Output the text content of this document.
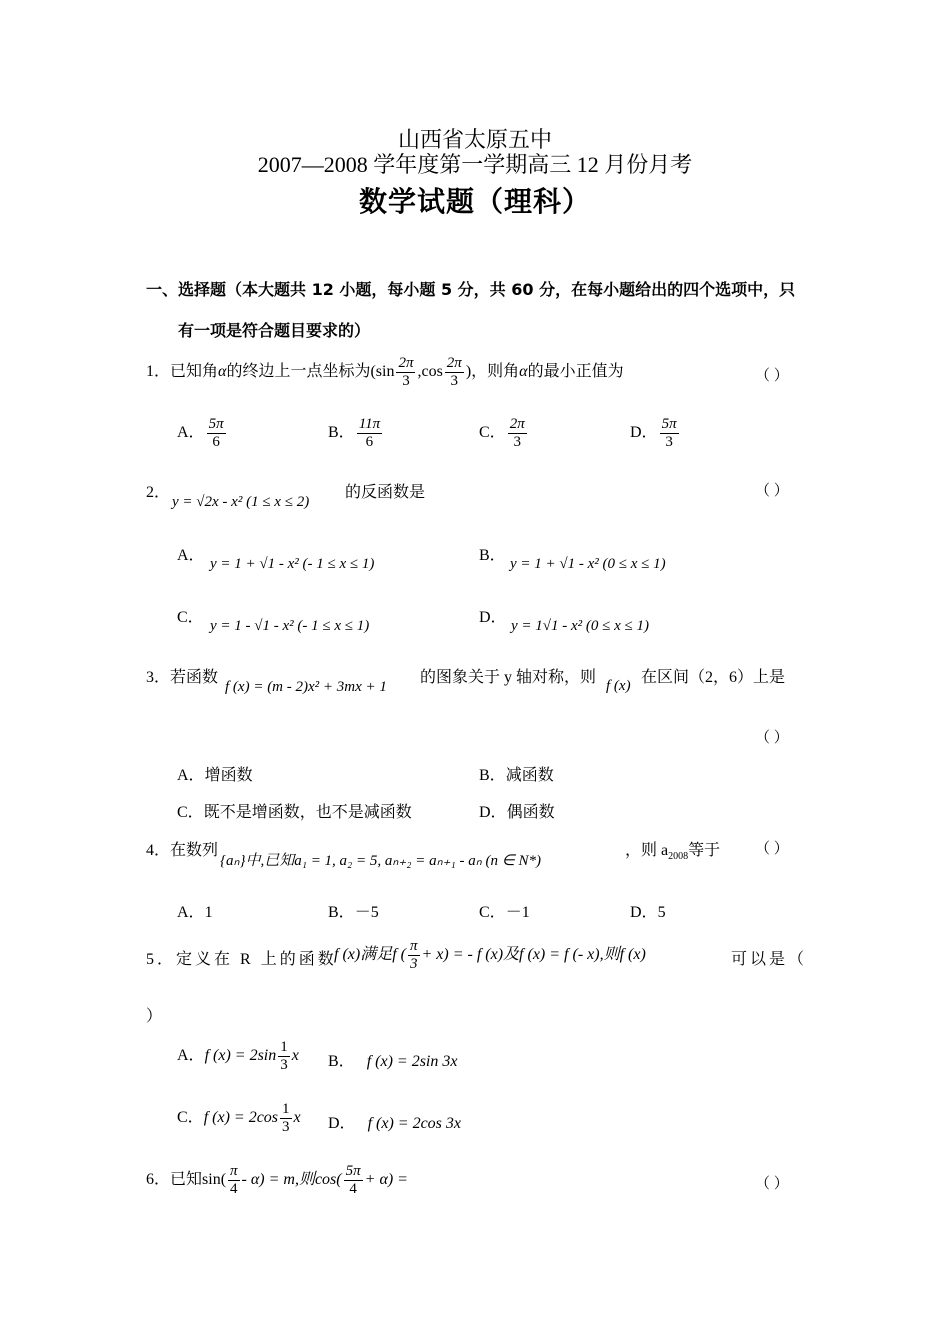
山西省太原五中
2007—2008 学年度第一学期高三 12 月份月考
数学试题（理科）
一、选择题（本大题共 12 小题，每小题 5 分，共 60 分，在每小题给出的四个选项中，只
有一项是符合题目要求的）
1．已知角α的终边上一点坐标为($\sin \frac{2\pi}{3} ,\cos \frac{2\pi}{3}$ )，则角α的最小正值为	（ ）
A． $\frac{5\pi}{6}$	B． $\frac{11\pi}{6}$	C． $\frac{2\pi}{3}$	D． $\frac{5\pi}{3}$
2．
y = √2x - x² (1 ≤ x ≤ 2)
的反函数是	（ ）
A． y = 1 + √1 - x² (- 1 ≤ x ≤ 1)	B． y = 1 + √1 - x² (0 ≤ x ≤ 1)
C． y = 1 - √1 - x² (- 1 ≤ x ≤ 1)	D． y = 1√1 - x² (0 ≤ x ≤ 1)
3．若函数
f (x) = (m - 2)x² + 3mx + 1
的图象关于 y 轴对称，则 f (x) 在区间（2，6）上是
（ ）
A．增函数	B．减函数
C．既不是增函数，也不是减函数	D．偶函数
4．在数列
{aₙ}中,已知a₁ = 1, a₂ = 5, aₙ₊₂ = aₙ₊₁ - aₙ (n ∈ N*)
，则 $a_{2008}$等于 （ ）
A．1	B．－5	C．－1	D．5
5．定义在 R 上的函数
f (x)满足f ( $\frac{\pi}{3} + x$) = - f (x)及f (x) = f (- x),则f (x)	可以是（
）
A．f $(x) = 2\sin \frac{1}{3}$ x B． f (x) = 2sin 3x
C．f $(x) = 2\cos \frac{1}{3}$ x D． f (x) = 2cos 3x
6．已知$\sin( \frac{\pi}{4} - \alpha) = m$,则$\cos( \frac{5\pi}{4} + \alpha)$ =	（ ）
